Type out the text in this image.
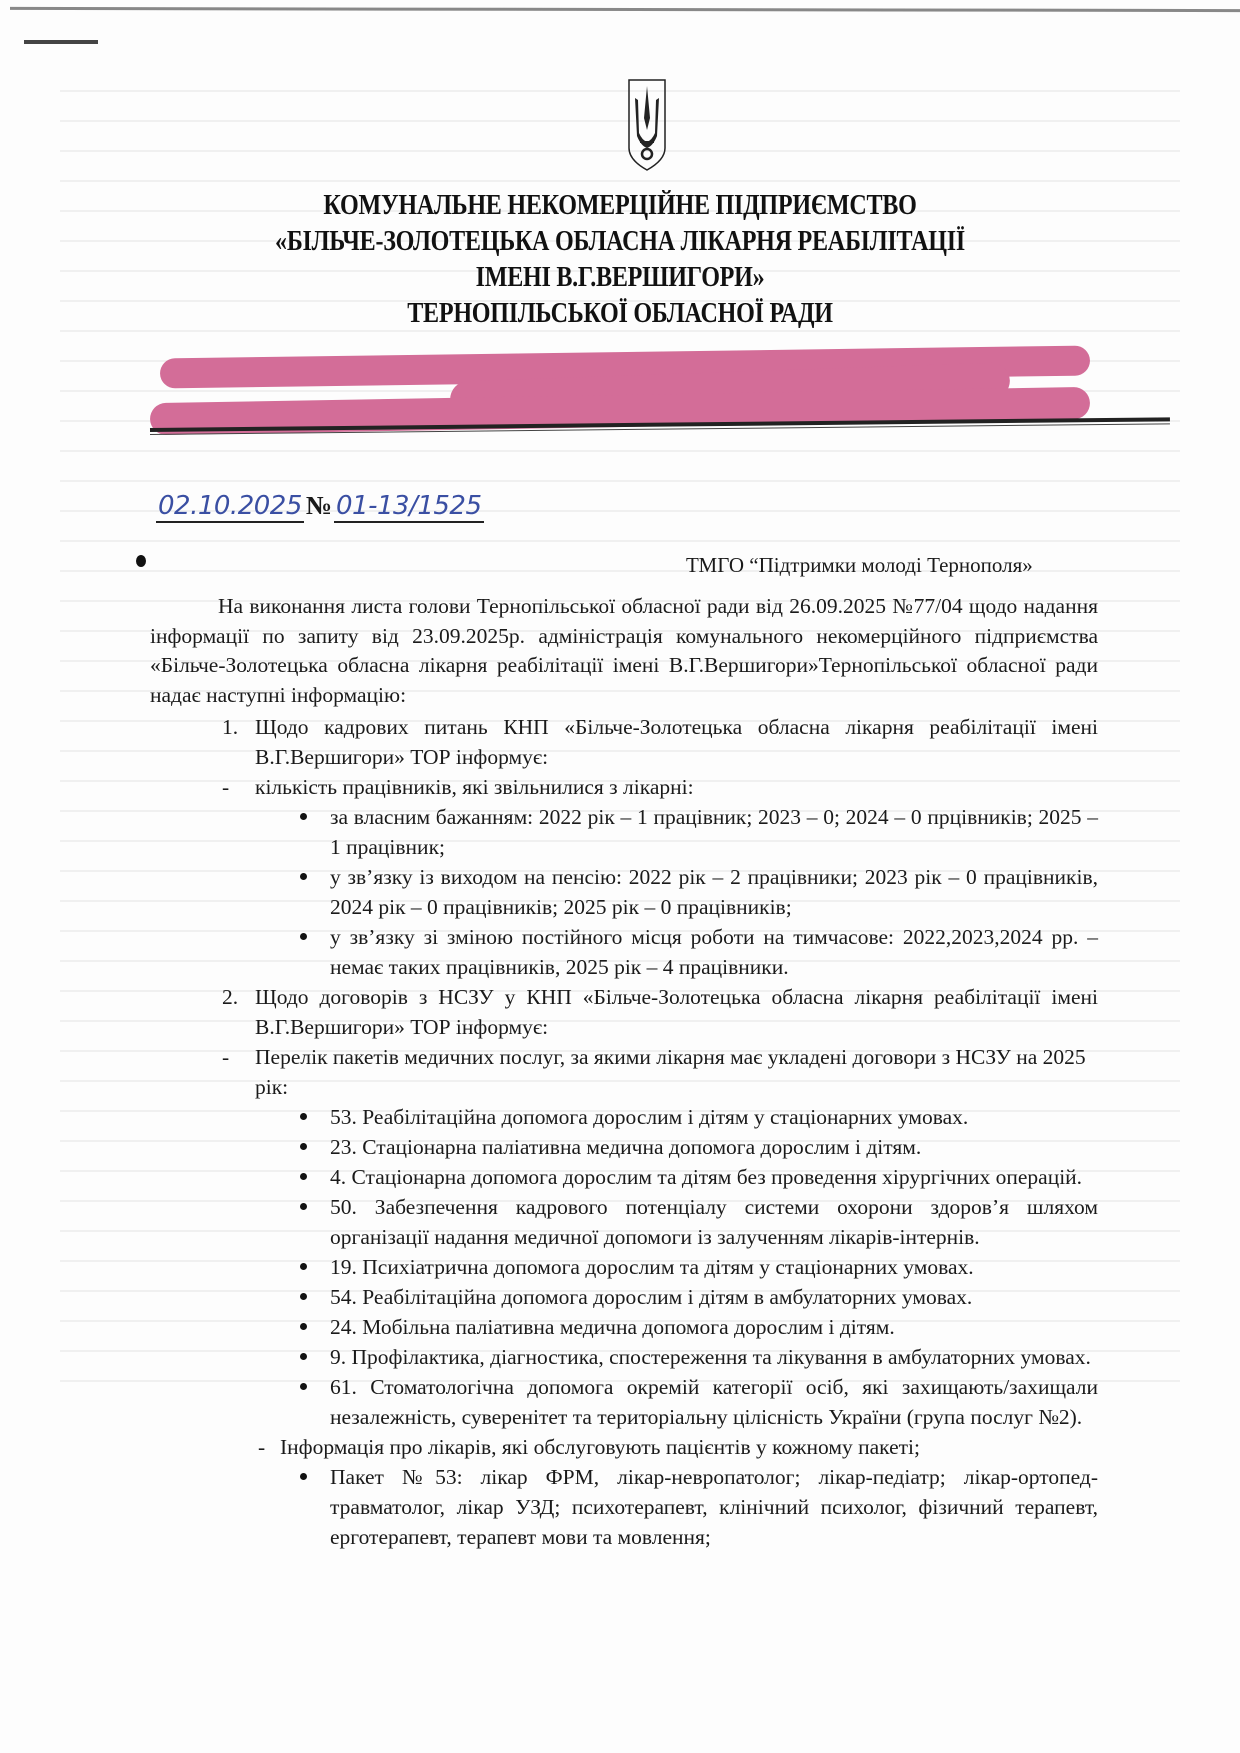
КОМУНАЛЬНЕ НЕКОМЕРЦІЙНЕ ПІДПРИЄМСТВО
«БІЛЬЧЕ-ЗОЛОТЕЦЬКА ОБЛАСНА ЛІКАРНЯ РЕАБІЛІТАЦІЇ
ІМЕНІ В.Г.ВЕРШИГОРИ»
ТЕРНОПІЛЬСЬКОЇ ОБЛАСНОЇ РАДИ
02.10.2025 № 01-13/1525
ТМГО “Підтримки молоді Тернополя»
На виконання листа голови Тернопільської обласної ради від 26.09.2025 №77/04 щодо надання інформації по запиту від 23.09.2025р. адміністрація комунального некомерційного підприємства «Більче-Золотецька обласна лікарня реабілітації імені В.Г.Вершигори»Тернопільської обласної ради надає наступні інформацію:
1. Щодо кадрових питань КНП «Більче-Золотецька обласна лікарня реабілітації імені В.Г.Вершигори» ТОР інформує:
- кількість працівників, які звільнилися з лікарні:
за власним бажанням: 2022 рік – 1 працівник; 2023 – 0; 2024 – 0 прцівників; 2025 – 1 працівник;
у зв’язку із виходом на пенсію: 2022 рік – 2 працівники; 2023 рік – 0 працівників, 2024 рік – 0 працівників; 2025 рік – 0 працівників;
у зв’язку зі зміною постійного місця роботи на тимчасове: 2022,2023,2024 рр. – немає таких працівників, 2025 рік – 4 працівники.
2. Щодо договорів з НСЗУ у КНП «Більче-Золотецька обласна лікарня реабілітації імені В.Г.Вершигори» ТОР інформує:
- Перелік пакетів медичних послуг, за якими лікарня має укладені договори з НСЗУ на 2025 рік:
53. Реабілітаційна допомога дорослим і дітям у стаціонарних умовах.
23. Стаціонарна паліативна медична допомога дорослим і дітям.
4. Стаціонарна допомога дорослим та дітям без проведення хірургічних операцій.
50. Забезпечення кадрового потенціалу системи охорони здоров’я шляхом організації надання медичної допомоги із залученням лікарів-інтернів.
19. Психіатрична допомога дорослим та дітям у стаціонарних умовах.
54. Реабілітаційна допомога дорослим і дітям в амбулаторних умовах.
24. Мобільна паліативна медична допомога дорослим і дітям.
9. Профілактика, діагностика, спостереження та лікування в амбулаторних умовах.
61. Стоматологічна допомога окремій категорії осіб, які захищають/захищали незалежність, суверенітет та територіальну цілісність України (група послуг №2).
- Інформація про лікарів, які обслуговують пацієнтів у кожному пакеті;
Пакет №53: лікар ФРМ, лікар-невропатолог; лікар-педіатр; лікар-ортопед-травматолог, лікар УЗД; психотерапевт, клінічний психолог, фізичний терапевт, ерготерапевт, терапевт мови та мовлення;
